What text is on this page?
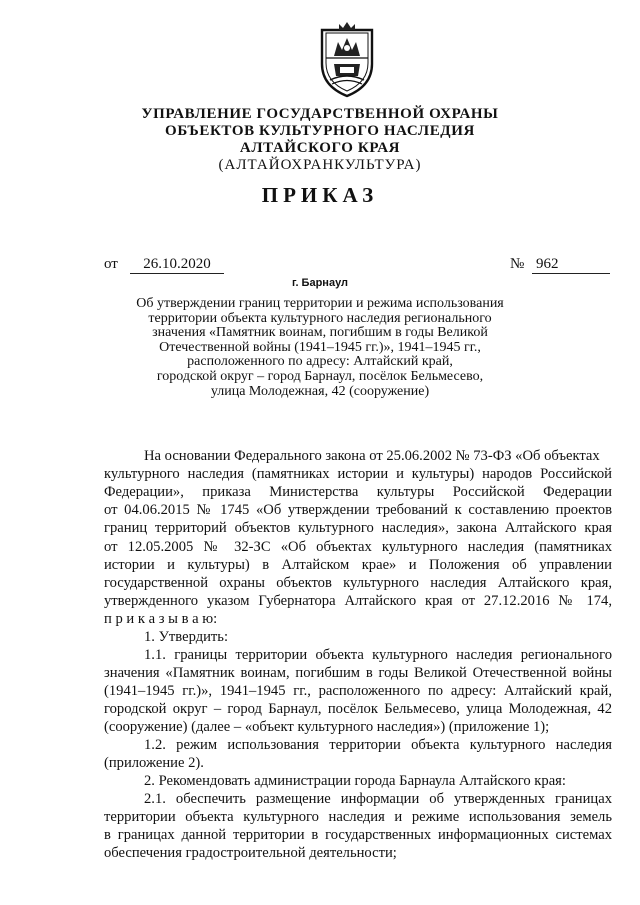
УПРАВЛЕНИЕ ГОСУДАРСТВЕННОЙ ОХРАНЫ
ОБЪЕКТОВ КУЛЬТУРНОГО НАСЛЕДИЯ
АЛТАЙСКОГО КРАЯ
(АЛТАЙОХРАНКУЛЬТУРА)
ПРИКАЗ
от	26.10.2020	№ 962
г. Барнаул
Об утверждении границ территории и режима использования
территории объекта культурного наследия регионального
значения «Памятник воинам, погибшим в годы Великой
Отечественной войны (1941–1945 гг.)», 1941–1945 гг.,
расположенного по адресу: Алтайский край,
городской округ – город Барнаул, посёлок Бельмесево,
улица Молодежная, 42 (сооружение)
На основании Федерального закона от 25.06.2002 № 73-ФЗ «Об объектах
культурного наследия (памятниках истории и культуры) народов Российской
Федерации», приказа Министерства культуры Российской Федерации
от 04.06.2015 № 1745 «Об утверждении требований к составлению проектов
границ территорий объектов культурного наследия», закона Алтайского края
от 12.05.2005 № 32-ЗС «Об объектах культурного наследия (памятниках
истории и культуры) в Алтайском крае» и Положения об управлении
государственной охраны объектов культурного наследия Алтайского края,
утвержденного указом Губернатора Алтайского края от 27.12.2016 № 174,
п р и к а з ы в а ю:
1. Утвердить:
1.1. границы территории объекта культурного наследия регионального
значения «Памятник воинам, погибшим в годы Великой Отечественной войны
(1941–1945 гг.)», 1941–1945 гг., расположенного по адресу: Алтайский край,
городской округ – город Барнаул, посёлок Бельмесево, улица Молодежная, 42
(сооружение) (далее – «объект культурного наследия») (приложение 1);
1.2. режим использования территории объекта культурного наследия
(приложение 2).
2. Рекомендовать администрации города Барнаула Алтайского края:
2.1. обеспечить размещение информации об утвержденных границах
территории объекта культурного наследия и режиме использования земель
в границах данной территории в государственных информационных системах
обеспечения градостроительной деятельности;
